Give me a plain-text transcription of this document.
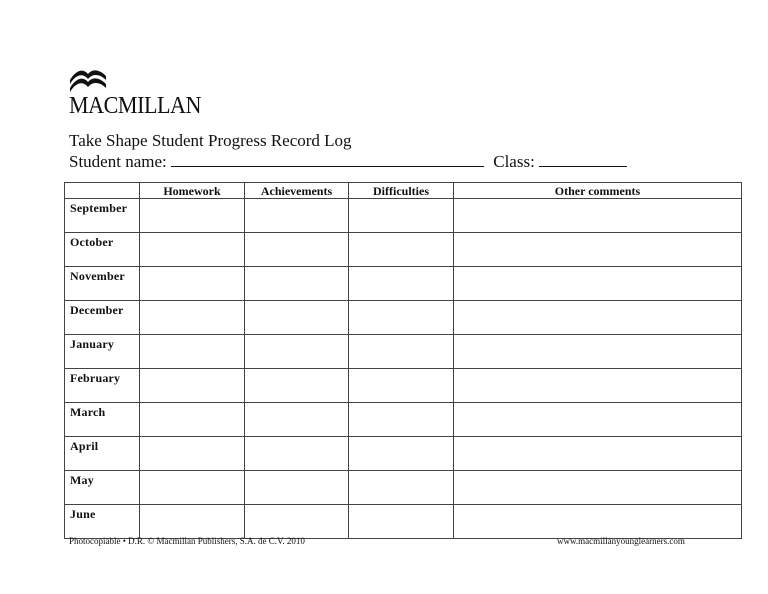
MACMILLAN
Take Shape Student Progress Record Log
Student name:	Class:
	Homework	Achievements	Difficulties	Other comments
September				
October				
November				
December				
January				
February				
March				
April				
May				
June				
Photocopiable • D.R. © Macmillan Publishers, S.A. de C.V. 2010	www.macmillanyounglearners.com
